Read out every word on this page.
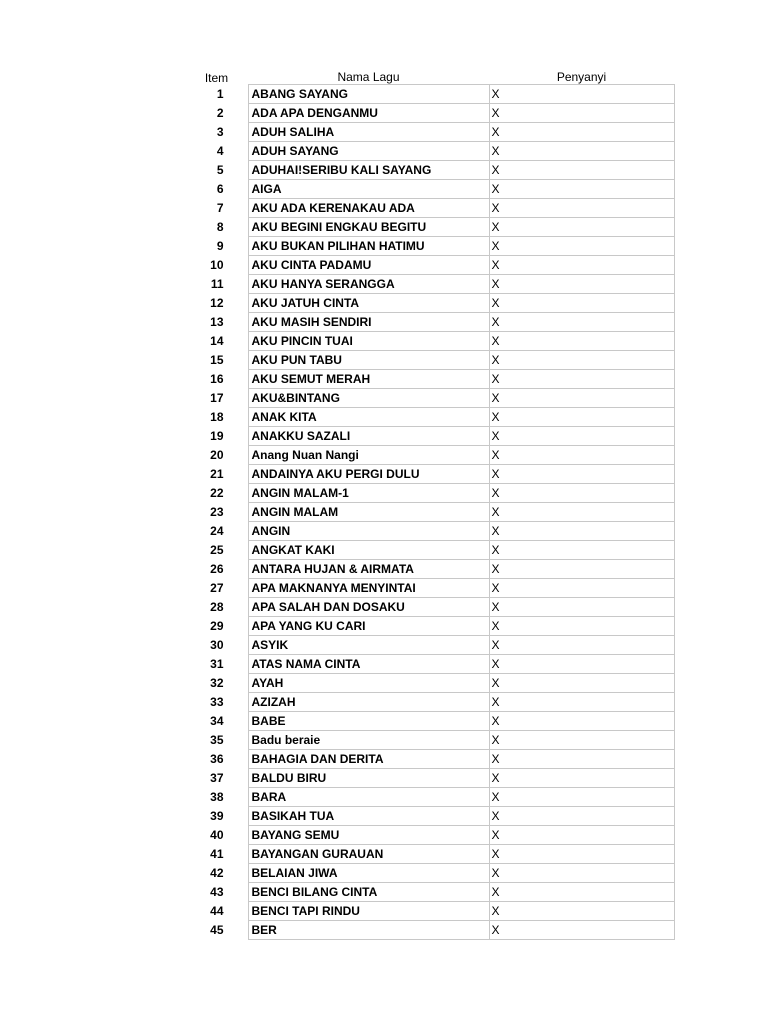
Item	Nama Lagu	Penyanyi
1	ABANG SAYANG	X
2	ADA APA DENGANMU	X
3	ADUH SALIHA	X
4	ADUH SAYANG	X
5	ADUHAI!SERIBU KALI SAYANG	X
6	AIGA	X
7	AKU ADA KERENAKAU ADA	X
8	AKU BEGINI ENGKAU BEGITU	X
9	AKU BUKAN PILIHAN HATIMU	X
10	AKU CINTA PADAMU	X
11	AKU HANYA SERANGGA	X
12	AKU JATUH CINTA	X
13	AKU MASIH SENDIRI	X
14	AKU PINCIN TUAI	X
15	AKU PUN TABU	X
16	AKU SEMUT MERAH	X
17	AKU&BINTANG	X
18	ANAK KITA	X
19	ANAKKU SAZALI	X
20	Anang Nuan Nangi	X
21	ANDAINYA AKU PERGI DULU	X
22	ANGIN MALAM-1	X
23	ANGIN MALAM	X
24	ANGIN	X
25	ANGKAT KAKI	X
26	ANTARA HUJAN & AIRMATA	X
27	APA MAKNANYA MENYINTAI	X
28	APA SALAH DAN DOSAKU	X
29	APA YANG KU CARI	X
30	ASYIK	X
31	ATAS NAMA CINTA	X
32	AYAH	X
33	AZIZAH	X
34	BABE	X
35	Badu beraie	X
36	BAHAGIA DAN DERITA	X
37	BALDU BIRU	X
38	BARA	X
39	BASIKAH TUA	X
40	BAYANG SEMU	X
41	BAYANGAN GURAUAN	X
42	BELAIAN JIWA	X
43	BENCI BILANG CINTA	X
44	BENCI TAPI RINDU	X
45	BER	X
